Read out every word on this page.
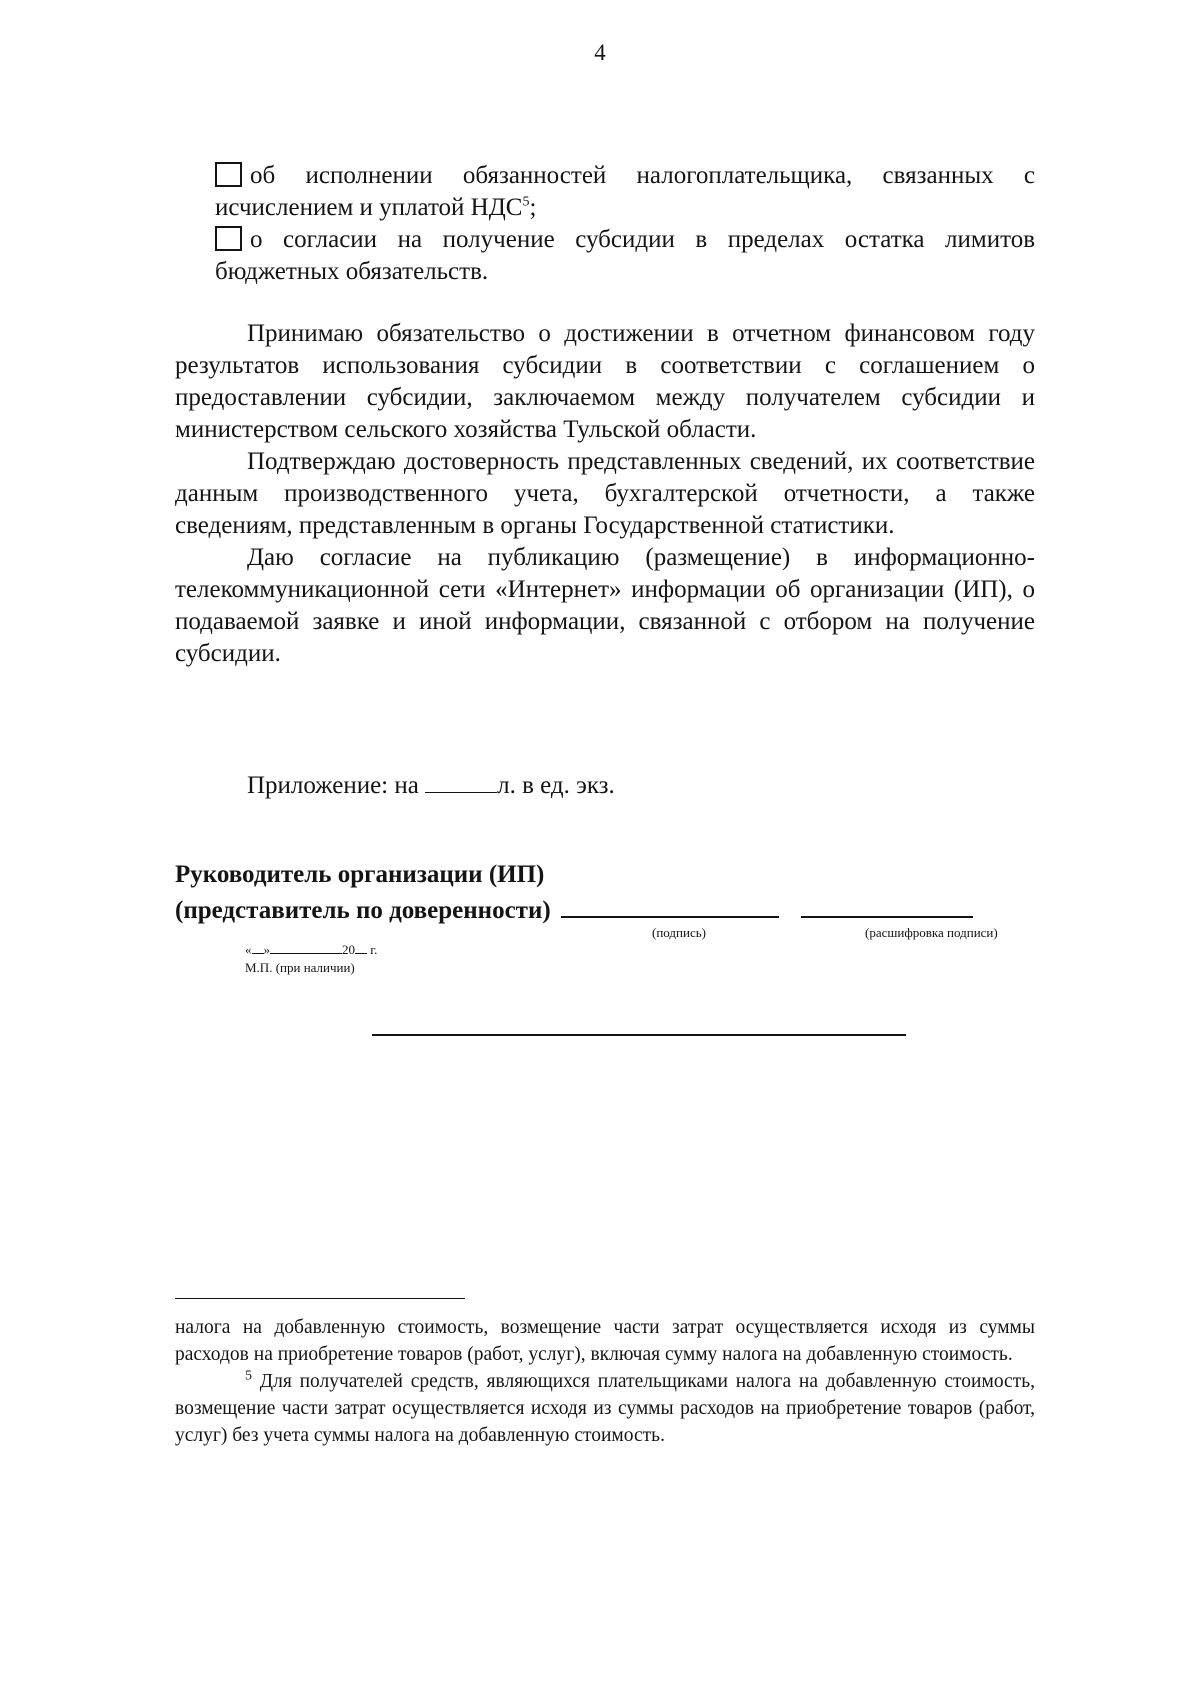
4

об исполнении обязанностей налогоплательщика, связанных с исчислением и уплатой НДС$^5$;

о согласии на получение субсидии в пределах остатка лимитов бюджетных обязательств.

Принимаю обязательство о достижении в отчетном финансовом году результатов использования субсидии в соответствии с соглашением о предоставлении субсидии, заключаемом между получателем субсидии и министерством сельского хозяйства Тульской области.

Подтверждаю достоверность представленных сведений, их соответствие данным производственного учета, бухгалтерской отчетности, а также сведениям, представленным в органы Государственной статистики.

Даю согласие на публикацию (размещение) в информационно-телекоммуникационной сети «Интернет» информации об организации (ИП), о подаваемой заявке и иной информации, связанной с отбором на получение субсидии.

Приложение: на	л. в ед. экз.

Руководитель организации (ИП)

(представитель по доверенности)

(подпись)	(расшифровка подписи)
« »	20 г.
М.П. (при наличии)

налога на добавленную стоимость, возмещение части затрат осуществляется исходя из суммы расходов на приобретение товаров (работ, услуг), включая сумму налога на добавленную стоимость.

$^5$ Для получателей средств, являющихся плательщиками налога на добавленную стоимость, возмещение части затрат осуществляется исходя из суммы расходов на приобретение товаров (работ, услуг) без учета суммы налога на добавленную стоимость.
